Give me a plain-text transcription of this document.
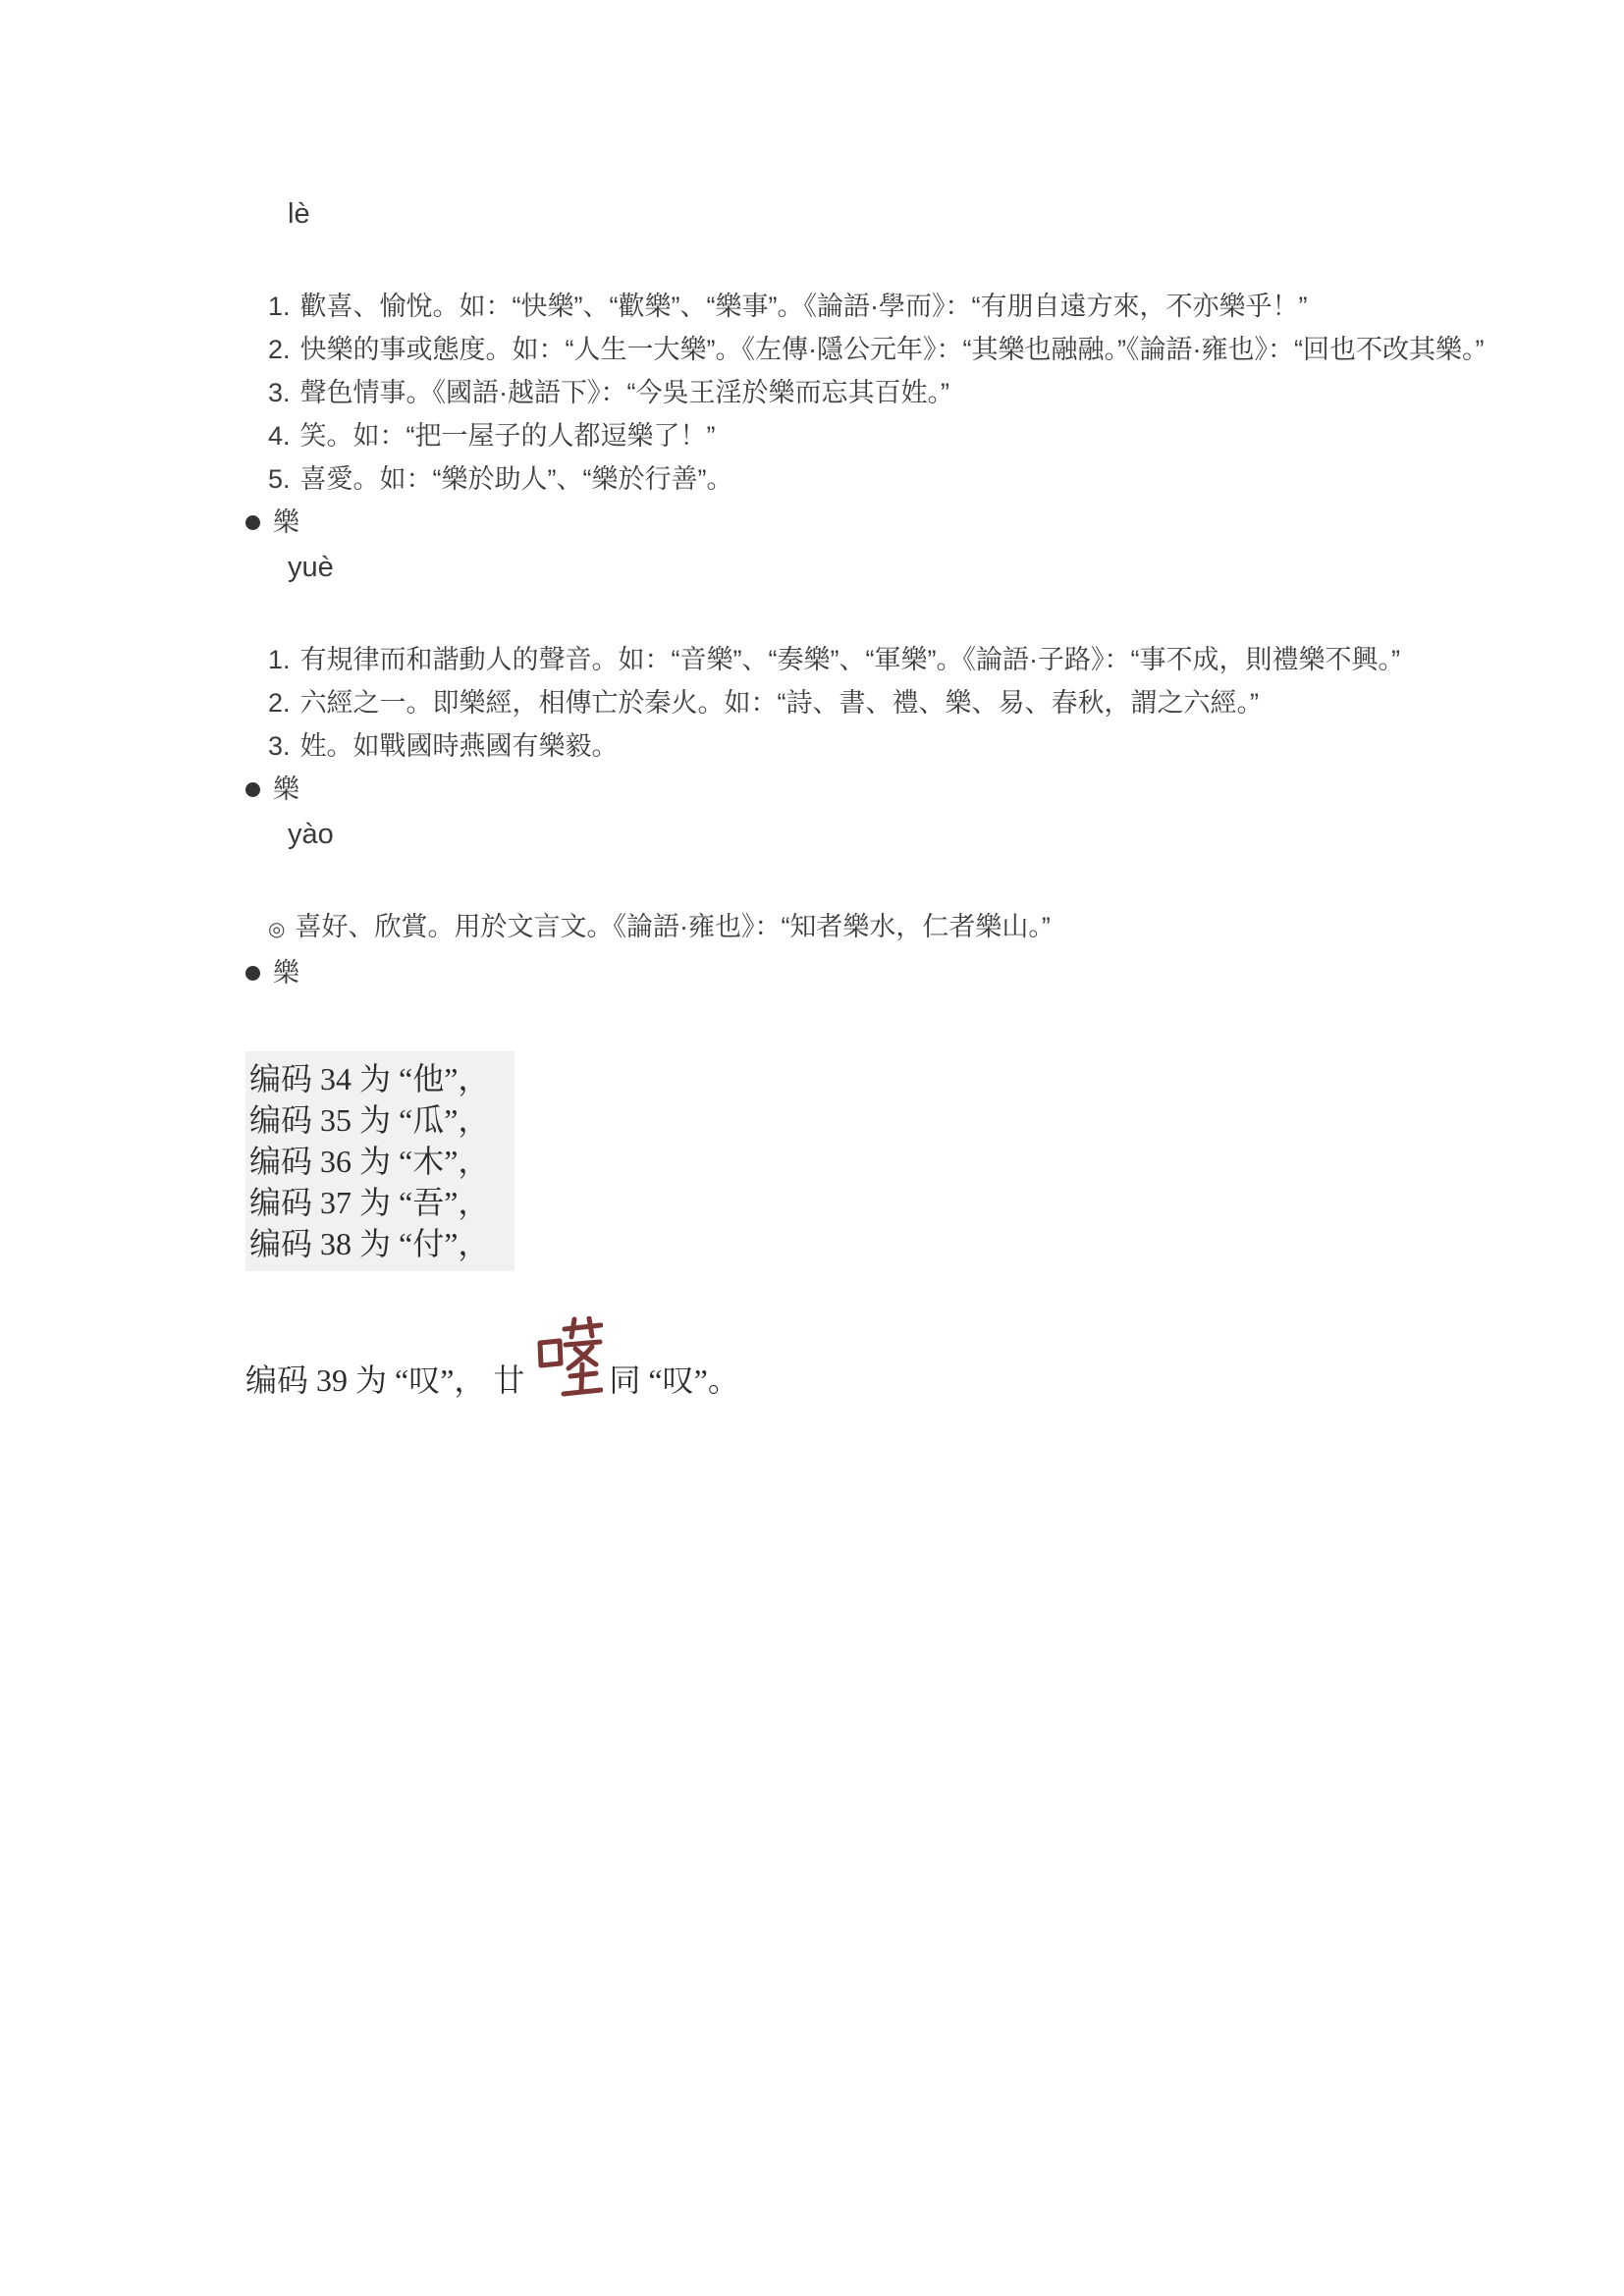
lè
1. 歡喜、愉悅。如：“快樂”、“歡樂”、“樂事”。《論語·學而》：“有朋自遠方來，不亦樂乎！”
2. 快樂的事或態度。如：“人生一大樂”。《左傳·隱公元年》：“其樂也融融。”《論語·雍也》：“回也不改其樂。”
3. 聲色情事。《國語·越語下》：“今吳王淫於樂而忘其百姓。”
4. 笑。如：“把一屋子的人都逗樂了！”
5. 喜愛。如：“樂於助人”、“樂於行善”。
樂
yuè
1. 有規律而和諧動人的聲音。如：“音樂”、“奏樂”、“軍樂”。《論語·子路》：“事不成，則禮樂不興。”
2. 六經之一。即樂經，相傳亡於秦火。如：“詩、書、禮、樂、易、春秋，謂之六經。”
3. 姓。如戰國時燕國有樂毅。
樂
yào
◎ 喜好、欣賞。用於文言文。《論語·雍也》：“知者樂水，仁者樂山。”
樂
编码 34 为 “他”，
编码 35 为 “瓜”，
编码 36 为 “木”，
编码 37 为 “吾”，
编码 38 为 “付”，
编码 39 为 “叹”， 廿	同 “叹”。
